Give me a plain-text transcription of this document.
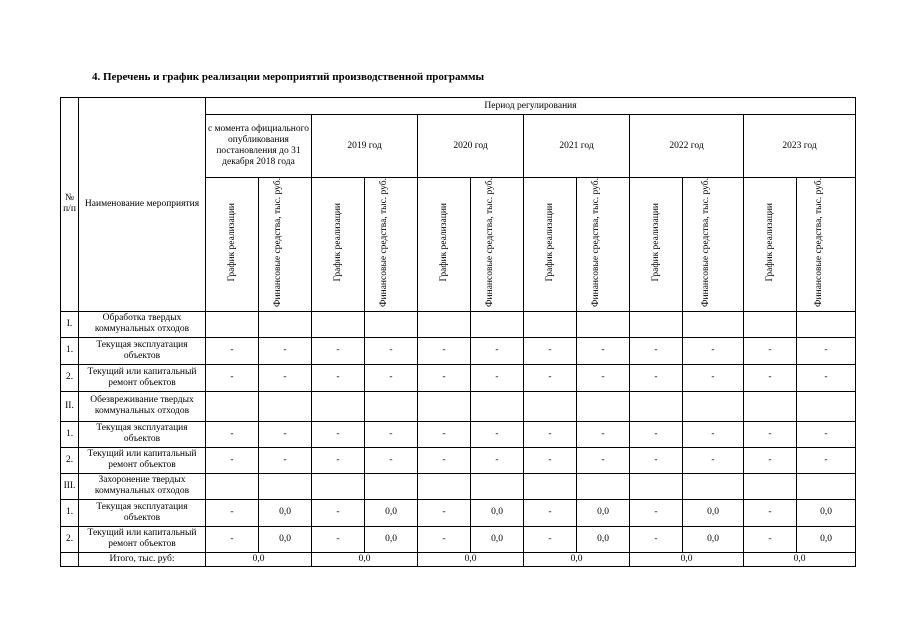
4. Перечень и график реализации мероприятий производственной программы
№ п/п	Наименование мероприятия	Период регулирования											
		с момента официального опубликования постановления до 31 декабря 2018 года		2019 год		2020 год		2021 год		2022 год		2023 год	
		График реализации	Финансовые средства, тыс. руб.	График реализации	Финансовые средства, тыс. руб.	График реализации	Финансовые средства, тыс. руб.	График реализации	Финансовые средства, тыс. руб.	График реализации	Финансовые средства, тыс. руб.	График реализации	Финансовые средства, тыс. руб.
I.	Обработка твердых коммунальных отходов												
1.	Текущая эксплуатация объектов	-	-	-	-	-	-	-	-	-	-	-	-
2.	Текущий или капитальный ремонт объектов	-	-	-	-	-	-	-	-	-	-	-	-
II.	Обезвреживание твердых коммунальных отходов												
1.	Текущая эксплуатация объектов	-	-	-	-	-	-	-	-	-	-	-	-
2.	Текущий или капитальный ремонт объектов	-	-	-	-	-	-	-	-	-	-	-	-
III.	Захоронение твердых коммунальных отходов												
1.	Текущая эксплуатация объектов	-	0,0	-	0,0	-	0,0	-	0,0	-	0,0	-	0,0
2.	Текущий или капитальный ремонт объектов	-	0,0	-	0,0	-	0,0	-	0,0	-	0,0	-	0,0
	Итого, тыс. руб:	0,0		0,0		0,0		0,0		0,0		0,0	
